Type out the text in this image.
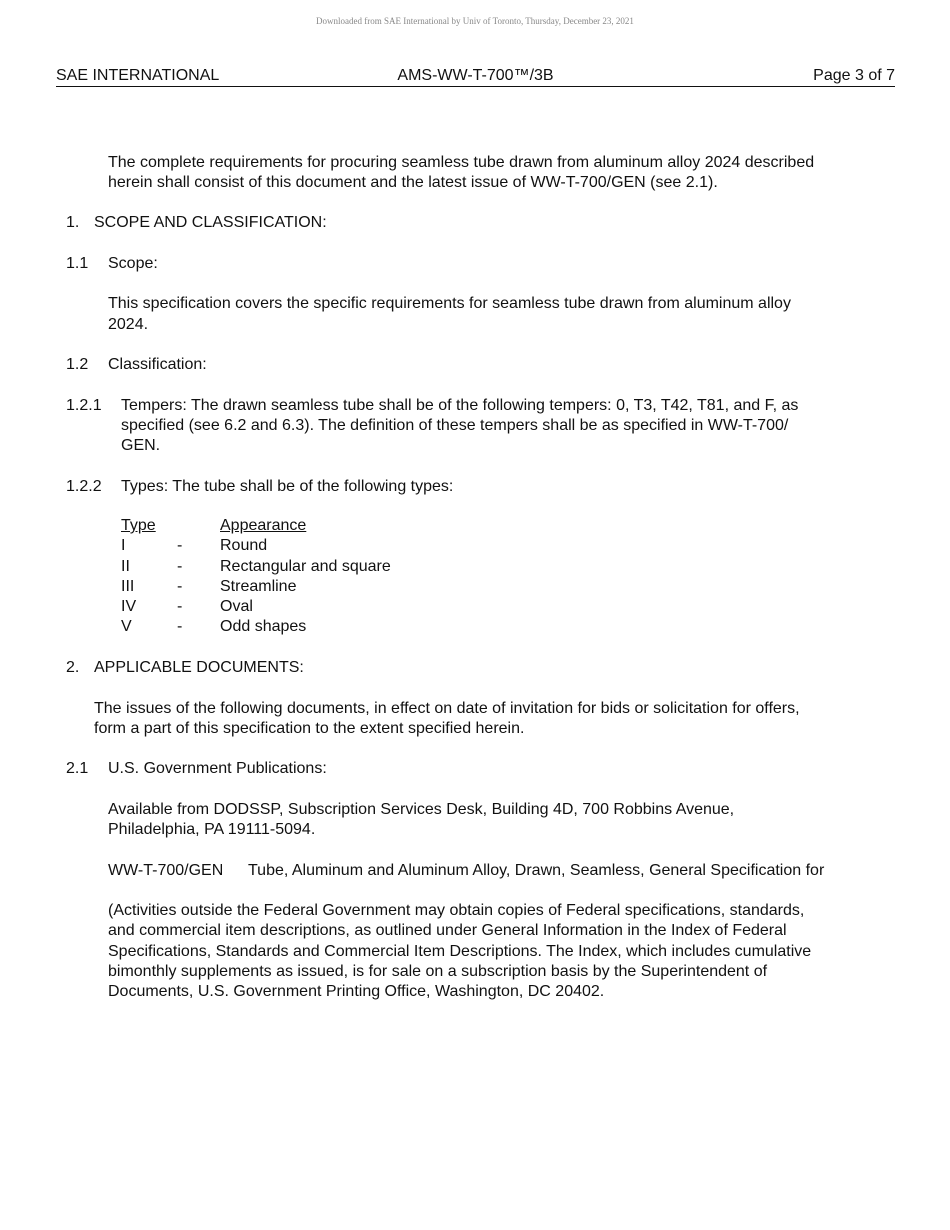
Downloaded from SAE International by Univ of Toronto, Thursday, December 23, 2021
AMS-WW-T-700™/3B
SAE INTERNATIONAL	Page 3 of 7
The complete requirements for procuring seamless tube drawn from aluminum alloy 2024 described
herein shall consist of this document and the latest issue of WW-T-700/GEN (see 2.1).
1. SCOPE AND CLASSIFICATION:
1.1 Scope:
This specification covers the specific requirements for seamless tube drawn from aluminum alloy
2024.
1.2 Classification:
1.2.1 Tempers: The drawn seamless tube shall be of the following tempers: 0, T3, T42, T81, and F, as
specified (see 6.2 and 6.3). The definition of these tempers shall be as specified in WW-T-700/
GEN.
1.2.2 Types: The tube shall be of the following types:
Type	Appearance
I	- Round
II	- Rectangular and square
III	- Streamline
IV	- Oval
V	- Odd shapes
2. APPLICABLE DOCUMENTS:
The issues of the following documents, in effect on date of invitation for bids or solicitation for offers,
form a part of this specification to the extent specified herein.
2.1 U.S. Government Publications:
Available from DODSSP, Subscription Services Desk, Building 4D, 700 Robbins Avenue,
Philadelphia, PA 19111-5094.
WW-T-700/GEN Tube, Aluminum and Aluminum Alloy, Drawn, Seamless, General Specification for
(Activities outside the Federal Government may obtain copies of Federal specifications, standards,
and commercial item descriptions, as outlined under General Information in the Index of Federal
Specifications, Standards and Commercial Item Descriptions. The Index, which includes cumulative
bimonthly supplements as issued, is for sale on a subscription basis by the Superintendent of
Documents, U.S. Government Printing Office, Washington, DC 20402.
